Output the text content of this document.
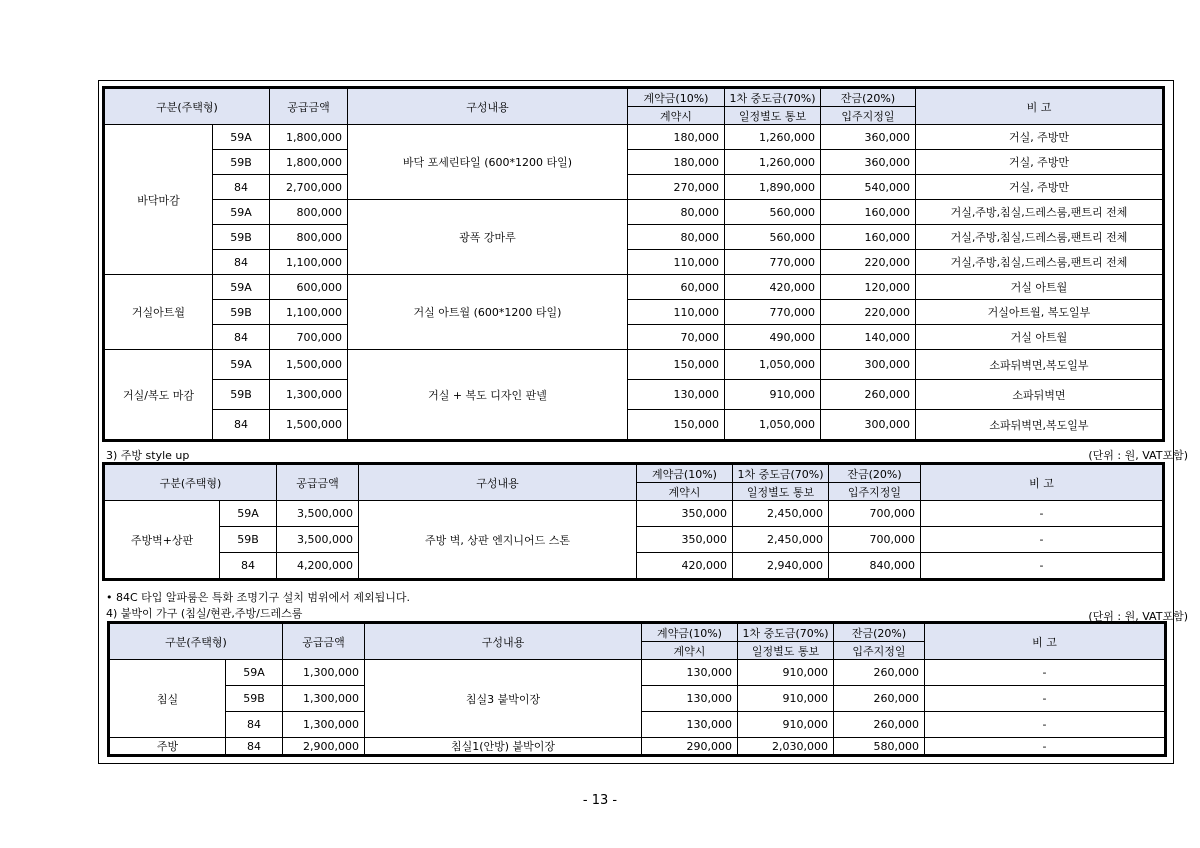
구분(주택형)		공급금액	구성내용	계약금(10%)	1차 중도금(70%)	잔금(20%)	비 고
				계약시	일정별도 통보	입주지정일	
바닥마감	59A	1,800,000	바닥 포세린타일 (600*1200 타일)	180,000	1,260,000	360,000	거실, 주방만
	59B	1,800,000		180,000	1,260,000	360,000	거실, 주방만
	84	2,700,000		270,000	1,890,000	540,000	거실, 주방만
	59A	800,000	광폭 강마루	80,000	560,000	160,000	거실,주방,침실,드레스룸,팬트리 전체
	59B	800,000		80,000	560,000	160,000	거실,주방,침실,드레스룸,팬트리 전체
	84	1,100,000		110,000	770,000	220,000	거실,주방,침실,드레스룸,팬트리 전체
거실아트월	59A	600,000	거실 아트월 (600*1200 타일)	60,000	420,000	120,000	거실 아트월
	59B	1,100,000		110,000	770,000	220,000	거실아트월, 복도일부
	84	700,000		70,000	490,000	140,000	거실 아트월
거실/복도 마감	59A	1,500,000	거실 + 복도 디자인 판넬	150,000	1,050,000	300,000	소파뒤벽면,복도일부
	59B	1,300,000		130,000	910,000	260,000	소파뒤벽면
	84	1,500,000		150,000	1,050,000	300,000	소파뒤벽면,복도일부
3) 주방 style up	(단위 : 원, VAT포함)
구분(주택형)		공급금액	구성내용	계약금(10%)	1차 중도금(70%)	잔금(20%)	비 고
				계약시	일정별도 통보	입주지정일	
주방벽+상판	59A	3,500,000	주방 벽, 상판 엔지니어드 스톤	350,000	2,450,000	700,000	-
	59B	3,500,000		350,000	2,450,000	700,000	-
	84	4,200,000		420,000	2,940,000	840,000	-
• 84C 타입 알파룸은 특화 조명기구 설치 범위에서 제외됩니다.
4) 붙박이 가구 (침실/현관,주방/드레스룸	(단위 : 원, VAT포함)
구분(주택형)		공급금액	구성내용	계약금(10%)	1차 중도금(70%)	잔금(20%)	비 고
				계약시	일정별도 통보	입주지정일	
침실	59A	1,300,000	침실3 붙박이장	130,000	910,000	260,000	-
	59B	1,300,000		130,000	910,000	260,000	-
	84	1,300,000		130,000	910,000	260,000	-
주방	84	2,900,000	침실1(안방) 붙박이장	290,000	2,030,000	580,000	-
- 13 -
